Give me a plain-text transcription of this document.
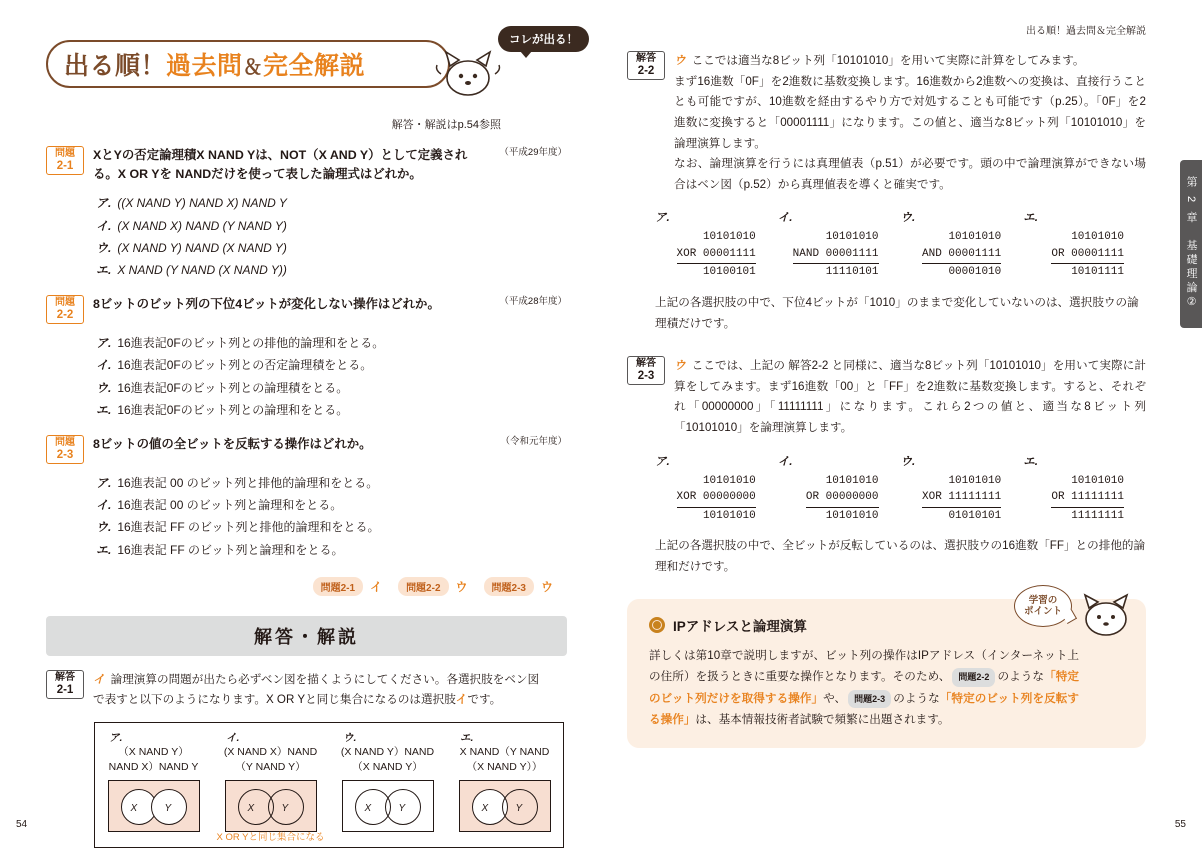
出る順！過去問＆完全解説
コレが出る！
解答・解説はp.54参照
問題
2-1
（平成29年度）
XとYの否定論理積X NAND Yは、NOT（X AND Y）として定義される。X OR Yを NANDだけを使って表した論理式はどれか。
ア. ((X NAND Y) NAND X) NAND Y
イ. (X NAND X) NAND (Y NAND Y)
ウ. (X NAND Y) NAND (X NAND Y)
エ. X NAND (Y NAND (X NAND Y))
問題
2-2
（平成28年度）
8ビットのビット列の下位4ビットが変化しない操作はどれか。
ア. 16進表記0Fのビット列との排他的論理和をとる。
イ. 16進表記0Fのビット列との否定論理積をとる。
ウ. 16進表記0Fのビット列との論理積をとる。
エ. 16進表記0Fのビット列との論理和をとる。
問題
2-3
（令和元年度）
8ビットの値の全ビットを反転する操作はどれか。
ア. 16進表記 00 のビット列と排他的論理和をとる。
イ. 16進表記 00 のビット列と論理和をとる。
ウ. 16進表記 FF のビット列と排他的論理和をとる。
エ. 16進表記 FF のビット列と論理和をとる。
問題2-1	イ	問題2-2	ウ	問題2-3	ウ
解答・解説
解答
2-1
イ 論理演算の問題が出たら必ずベン図を描くようにしてください。各選択肢をベン図
で表すと以下のようになります。X OR Yと同じ集合になるのは選択肢イです。
ア.
（X NAND Y）
NAND X）NAND Y
X	Y
イ.
(X NAND X）NAND
（Y NAND Y）
X	Y
X OR Yと同じ集合になる
ウ.
(X NAND Y）NAND
（X NAND Y）
X	Y
エ.
X NAND（Y NAND
（X NAND Y））
X	Y
54
出る順！過去問＆完全解説
解答
2-2
ウ ここでは適当な8ビット列「10101010」を用いて実際に計算をしてみます。
まず16進数「0F」を2進数に基数変換します。16進数から2進数への変換は、直接行うこととも可能ですが、10進数を経由するやり方で対処することも可能です（p.25）。「0F」を2進数に変換すると「00001111」になります。この値と、適当な8ビット列「10101010」を論理演算します。
なお、論理演算を行うには真理値表（p.51）が必要です。頭の中で論理演算ができない場合はベン図（p.52）から真理値表を導くと確実です。
ア.
10101010
XOR 00001111
10100101
イ.
10101010
NAND 00001111
11110101
ウ.
10101010
AND 00001111
00001010
エ.
10101010
OR 00001111
10101111
上記の各選択肢の中で、下位4ビットが「1010」のままで変化していないのは、選択肢ウの論理積だけです。
解答
2-3
ウ ここでは、上記の 解答2-2 と同様に、適当な8ビット列「10101010」を用いて実際に計算をしてみます。まず16進数「00」と「FF」を2進数に基数変換します。すると、それぞれ「00000000」「11111111」になります。これら2つの値と、適当な8ビット列「10101010」を論理演算します。
ア.
10101010
XOR 00000000
10101010
イ.
10101010
OR 00000000
10101010
ウ.
10101010
XOR 11111111
01010101
エ.
10101010
OR 11111111
11111111
上記の各選択肢の中で、全ビットが反転しているのは、選択肢ウの16進数「FF」との排他的論理和だけです。
学習の
ポイント
IPアドレスと論理演算
詳しくは第10章で説明しますが、ビット列の操作はIPアドレス（インターネット上の住所）を扱うときに重要な操作となります。そのため、 問題2-2 のような「特定のビット列だけを取得する操作」や、 問題2-3 のような「特定のビット列を反転する操作」は、基本情報技術者試験で頻繁に出題されます。
第 2 章　基礎理論②
55
